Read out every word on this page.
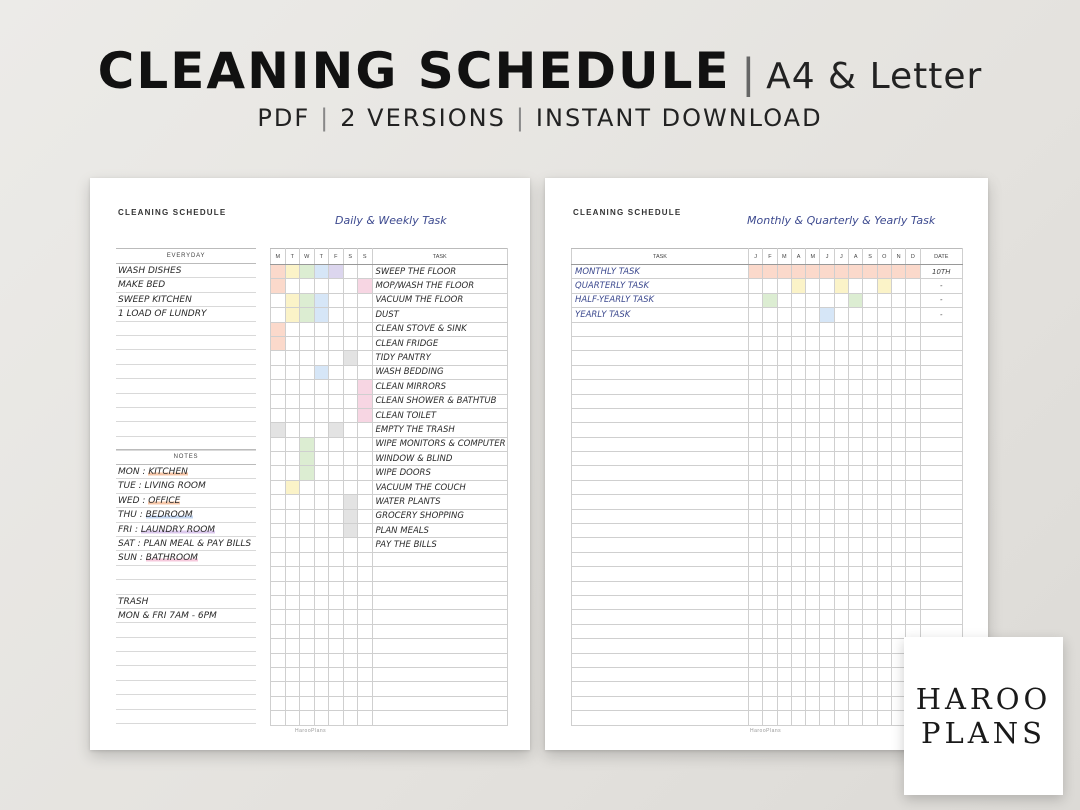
CLEANING SCHEDULE | A4 & Letter
PDF | 2 VERSIONS | INSTANT DOWNLOAD
CLEANING SCHEDULE
Daily & Weekly Task
EVERYDAY
WASH DISHES
MAKE BED
SWEEP KITCHEN
1 LOAD OF LUNDRY
NOTES
MON : KITCHEN
TUE : LIVING ROOM
WED : OFFICE
THU : BEDROOM
FRI : LAUNDRY ROOM
SAT : PLAN MEAL & PAY BILLS
SUN : BATHROOM
TRASH
MON & FRI 7AM - 6PM
M	T	W	T	F	S	S	TASK
							SWEEP THE FLOOR
							MOP/WASH THE FLOOR
							VACUUM THE FLOOR
							DUST
							CLEAN STOVE & SINK
							CLEAN FRIDGE
							TIDY PANTRY
							WASH BEDDING
							CLEAN MIRRORS
							CLEAN SHOWER & BATHTUB
							CLEAN TOILET
							EMPTY THE TRASH
							WIPE MONITORS & COMPUTER
							WINDOW & BLIND
							WIPE DOORS
							VACUUM THE COUCH
							WATER PLANTS
							GROCERY SHOPPING
							PLAN MEALS
							PAY THE BILLS

HarooPlans
CLEANING SCHEDULE
Monthly & Quarterly & Yearly Task
TASK	J	F	M	A	M	J	J	A	S	O	N	D	DATE
MONTHLY TASK													10TH
QUARTERLY TASK													-
HALF-YEARLY TASK													-
YEARLY TASK													-

HarooPlans
HAROO
PLANS
